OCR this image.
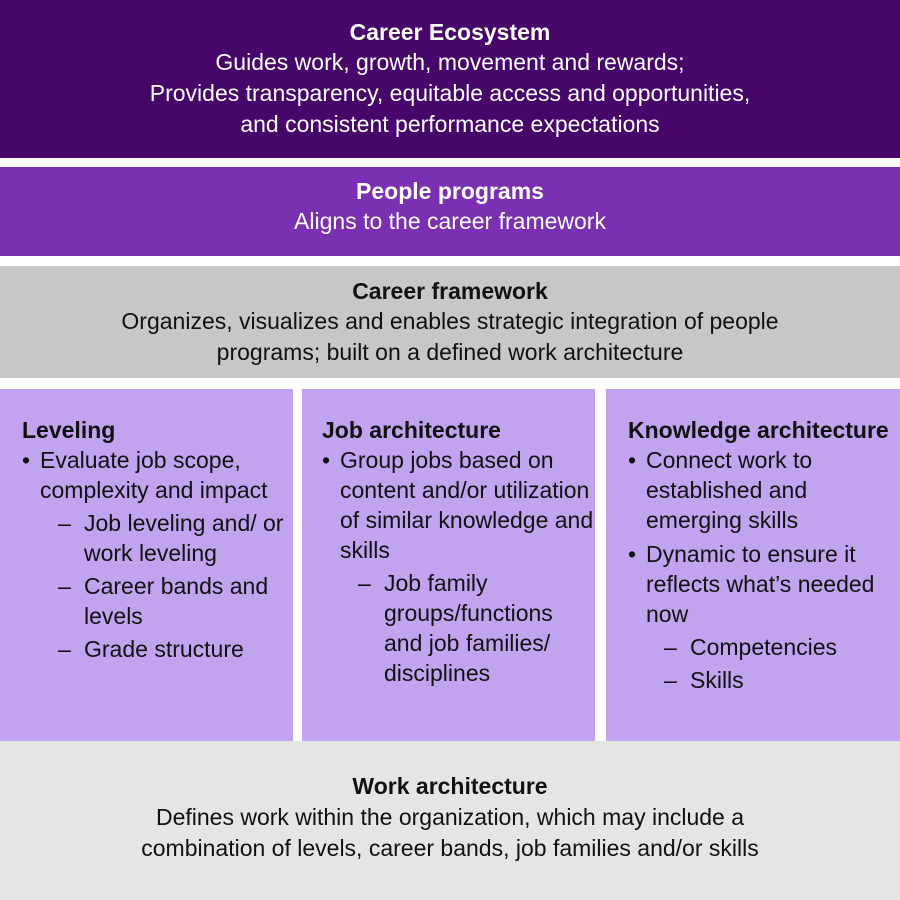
Career Ecosystem
Guides work, growth, movement and rewards;
Provides transparency, equitable access and opportunities,
and consistent performance expectations
People programs
Aligns to the career framework
Career framework
Organizes, visualizes and enables strategic integration of people
programs; built on a defined work architecture
Leveling
• Evaluate job scope, complexity and impact
– Job leveling and/ or work leveling
– Career bands and levels
– Grade structure
Job architecture
• Group jobs based on content and/or utilization of similar knowledge and skills
– Job family groups/functions and job families/ disciplines
Knowledge architecture
• Connect work to established and emerging skills
• Dynamic to ensure it reflects what’s needed now
– Competencies
– Skills
Work architecture
Defines work within the organization, which may include a
combination of levels, career bands, job families and/or skills
